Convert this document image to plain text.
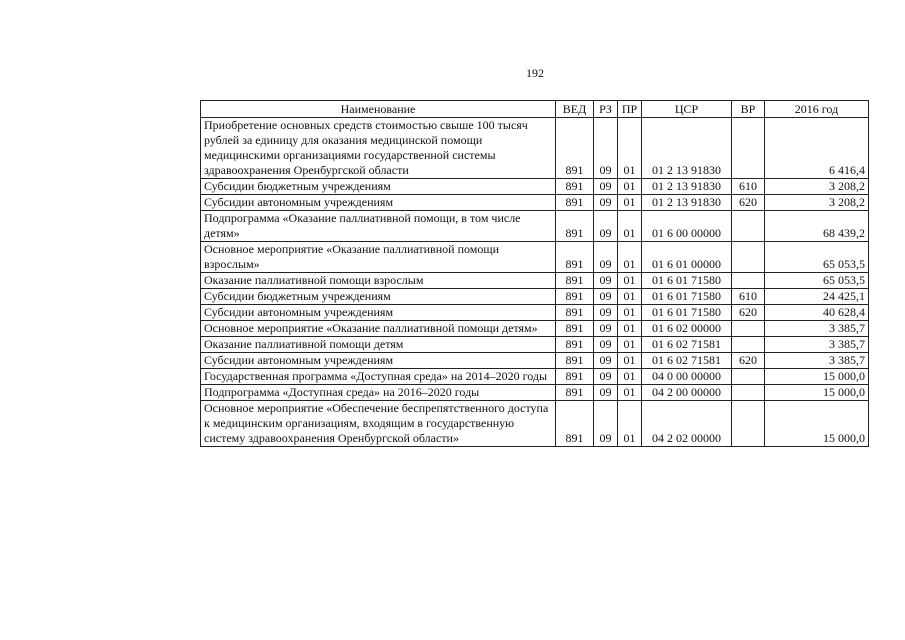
192
Наименование	ВЕД	РЗ	ПР	ЦСР	ВР	2016 год
Приобретение основных средств стоимостью свыше 100 тысяч рублей за единицу для оказания медицинской помощи медицинскими организациями государственной системы здравоохранения Оренбургской области	891	09	01	01 2 13 91830		6 416,4
Субсидии бюджетным учреждениям	891	09	01	01 2 13 91830	610	3 208,2
Субсидии автономным учреждениям	891	09	01	01 2 13 91830	620	3 208,2
Подпрограмма «Оказание паллиативной помощи, в том числе детям»	891	09	01	01 6 00 00000		68 439,2
Основное мероприятие «Оказание паллиативной помощи взрослым»	891	09	01	01 6 01 00000		65 053,5
Оказание паллиативной помощи взрослым	891	09	01	01 6 01 71580		65 053,5
Субсидии бюджетным учреждениям	891	09	01	01 6 01 71580	610	24 425,1
Субсидии автономным учреждениям	891	09	01	01 6 01 71580	620	40 628,4
Основное мероприятие «Оказание паллиативной помощи детям»	891	09	01	01 6 02 00000		3 385,7
Оказание паллиативной помощи детям	891	09	01	01 6 02 71581		3 385,7
Субсидии автономным учреждениям	891	09	01	01 6 02 71581	620	3 385,7
Государственная программа «Доступная среда» на 2014–2020 годы	891	09	01	04 0 00 00000		15 000,0
Подпрограмма «Доступная среда» на 2016–2020 годы	891	09	01	04 2 00 00000		15 000,0
Основное мероприятие «Обеспечение беспрепятственного доступа к медицинским организациям, входящим в государственную систему здравоохранения Оренбургской области»	891	09	01	04 2 02 00000		15 000,0
